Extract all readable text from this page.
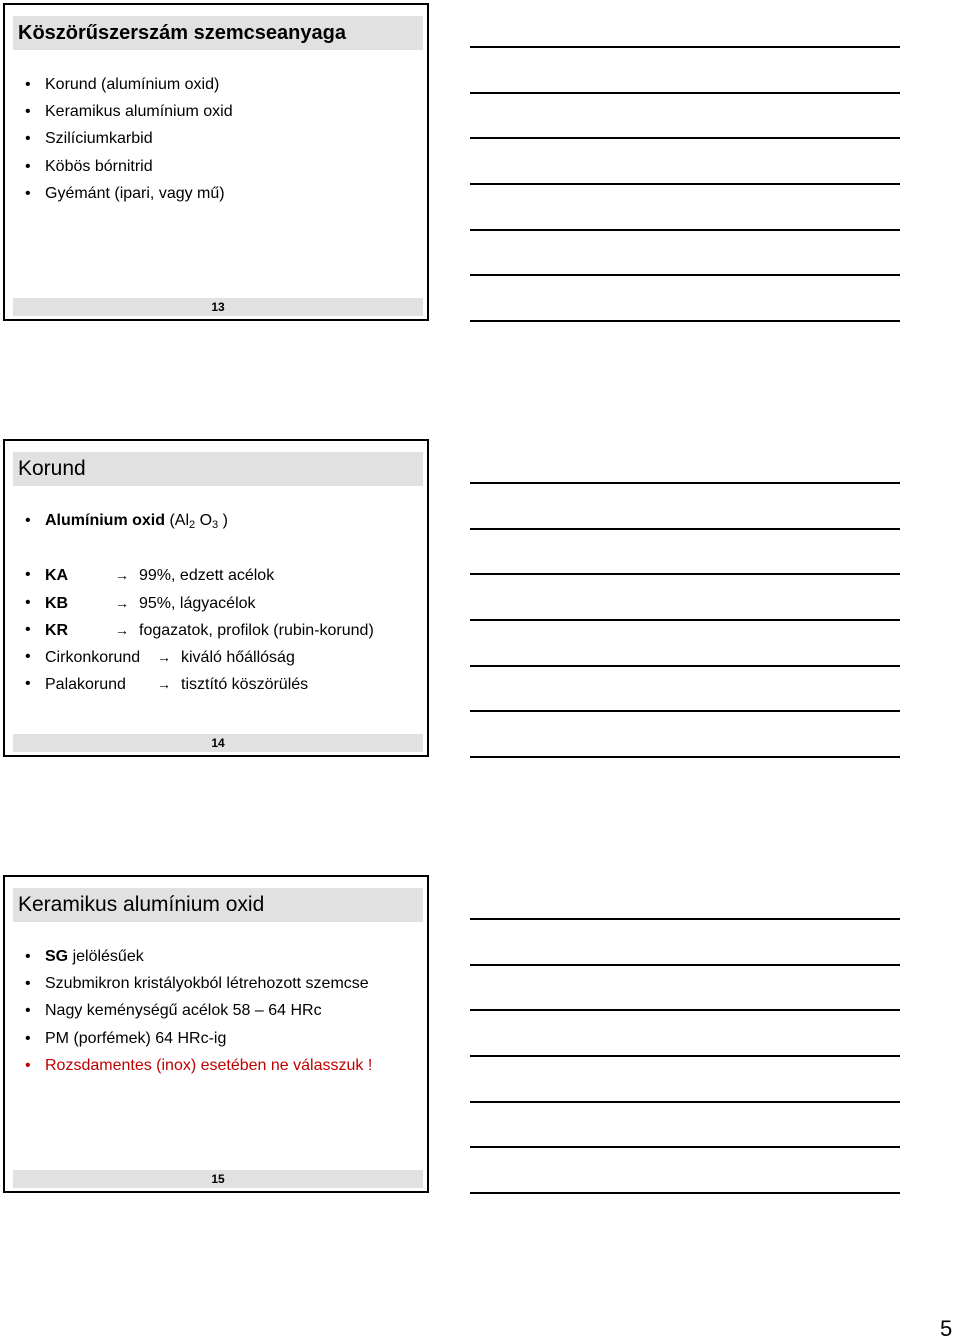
Köszörűszerszám szemcseanyaga
• Korund (alumínium oxid)
• Keramikus alumínium oxid
• Szilíciumkarbid
• Köbös bórnitrid
• Gyémánt (ipari, vagy mű)
13
Korund
• Alumínium oxid ($Al_2$ $O_3$ )
• KA	→ 99%, edzett acélok
• KB	→ 95%, lágyacélok
• KR	→ fogazatok, profilok (rubin-korund)
• Cirkonkorund → kiváló hőállóság
• Palakorund → tisztító köszörülés
14
Keramikus alumínium oxid
• SG jelölésűek
• Szubmikron kristályokból létrehozott szemcse
• Nagy keménységű acélok 58 – 64 HRc
• PM (porfémek) 64 HRc-ig
• Rozsdamentes (inox) esetében ne válasszuk !
15
5
